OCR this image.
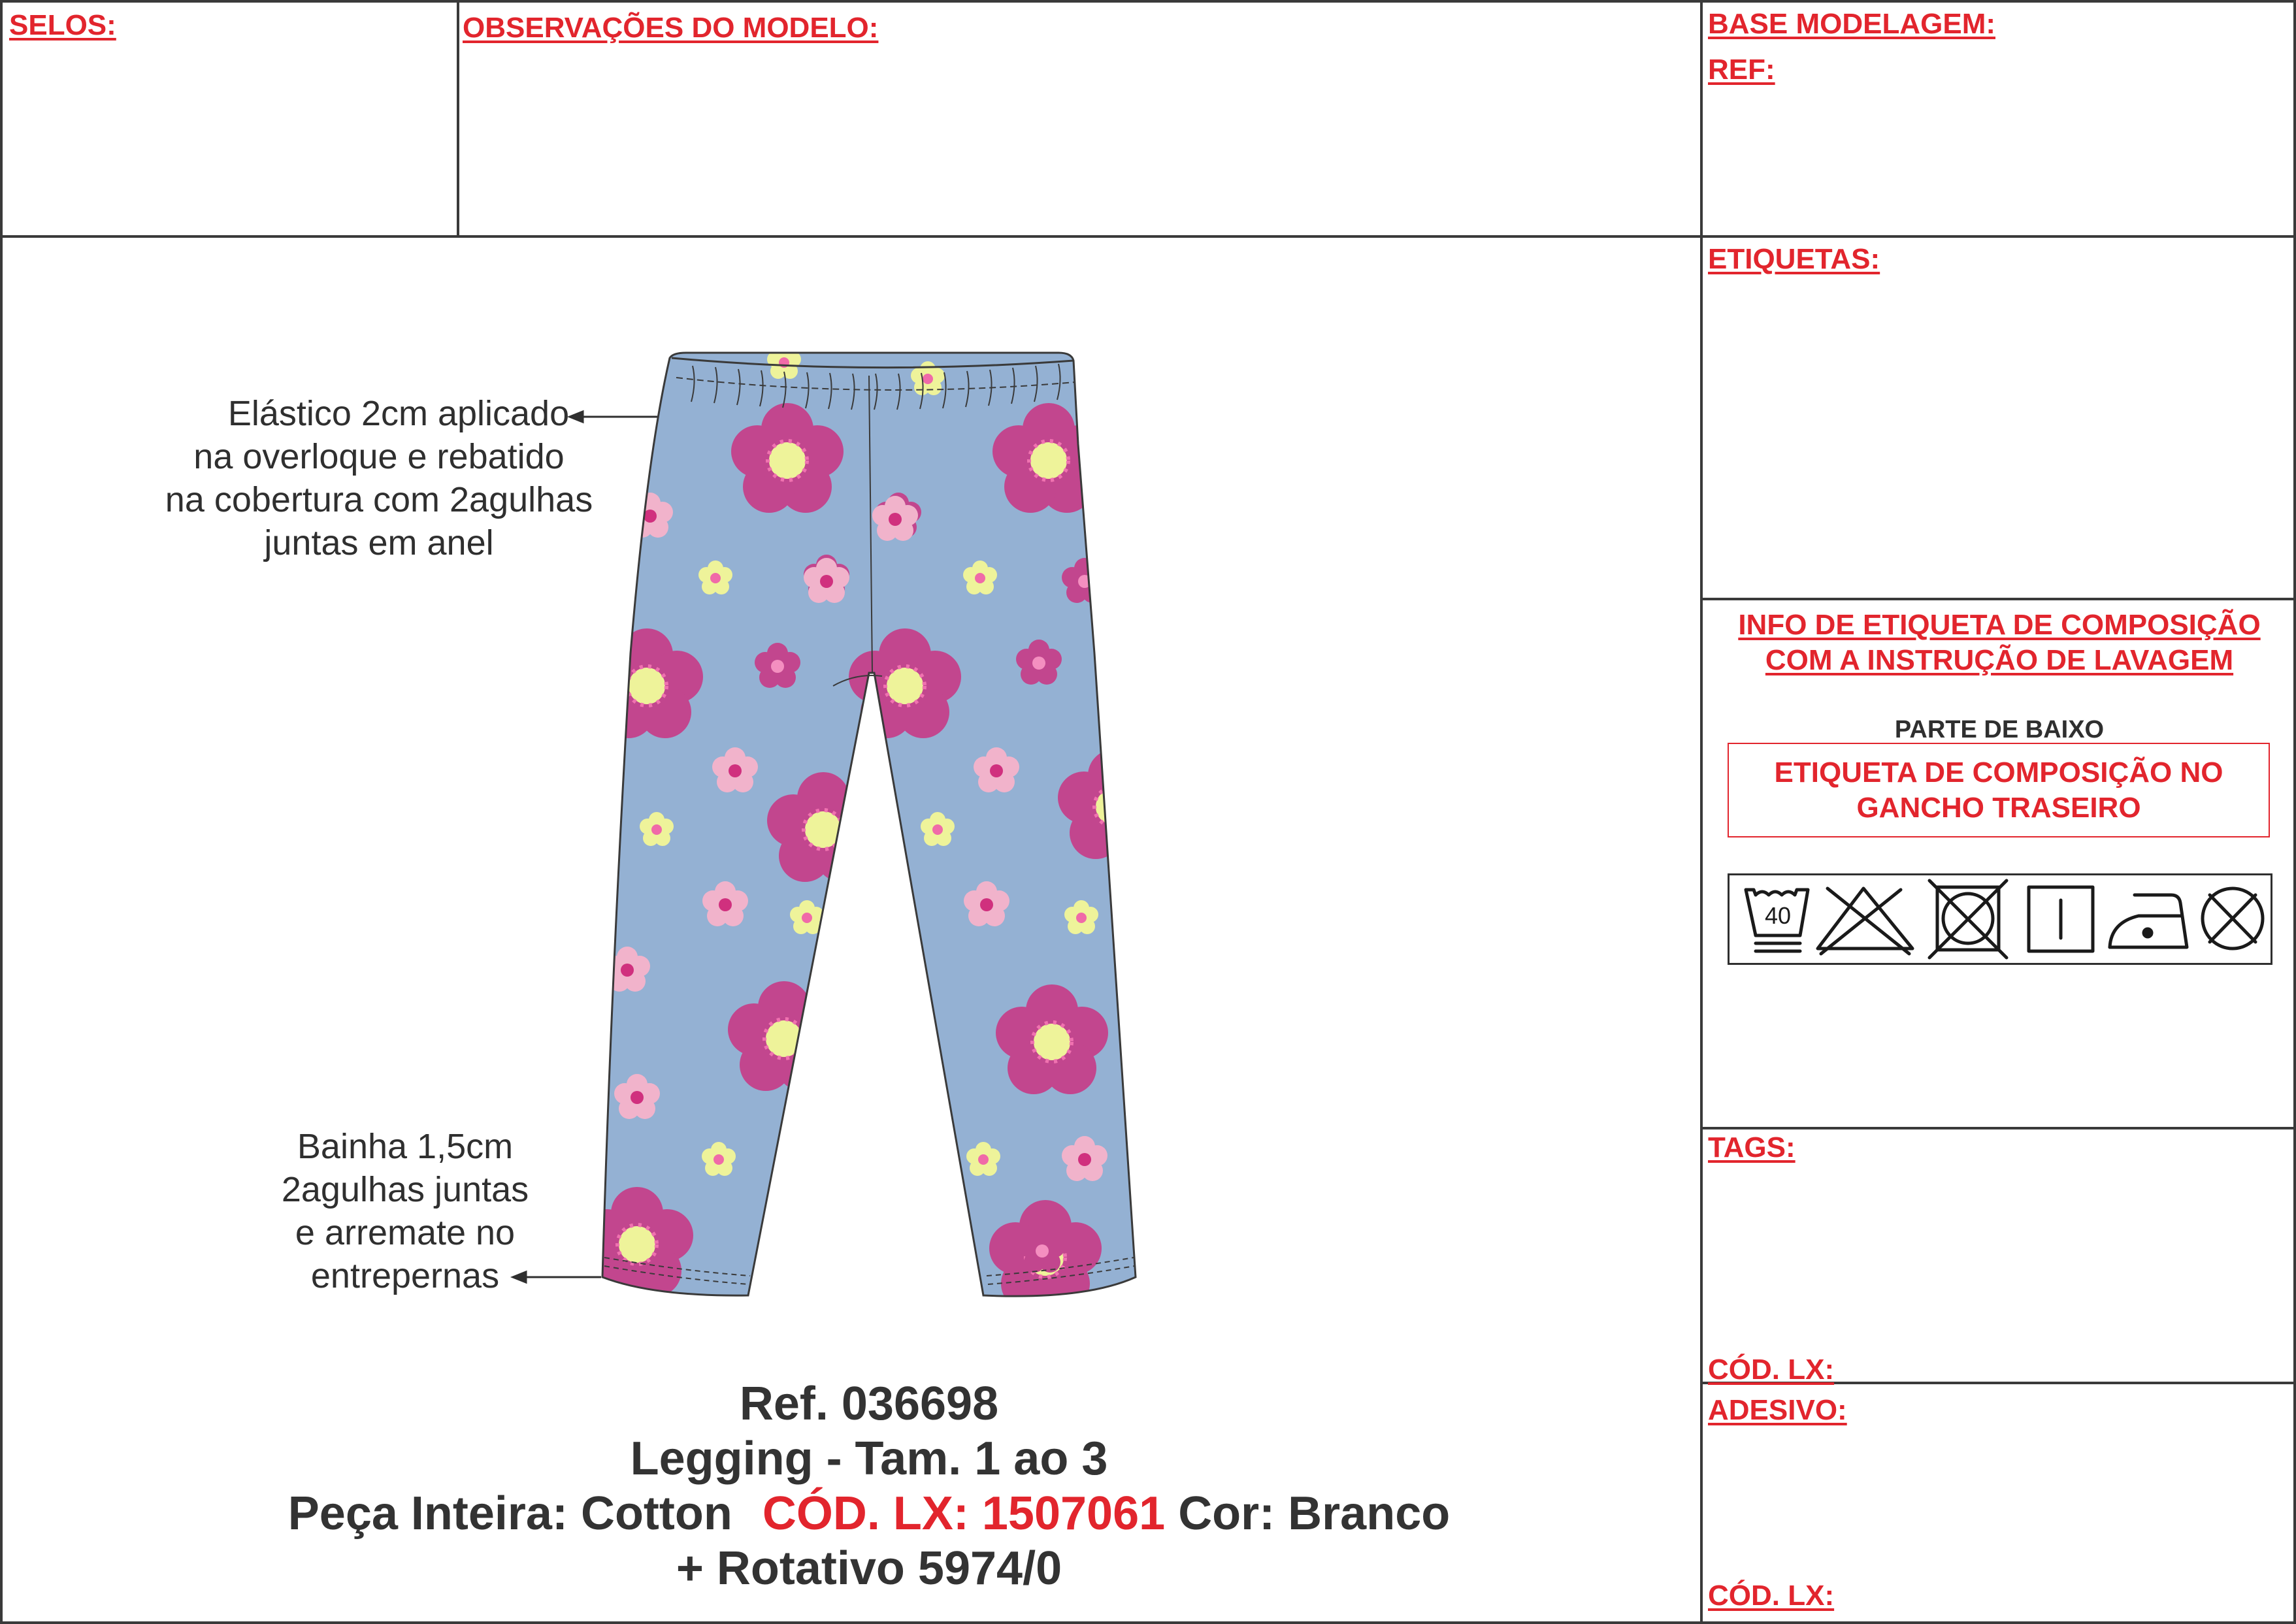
SELOS:	OBSERVAÇÕES DO MODELO:	BASE MODELAGEM:
REF:
ETIQUETAS:
INFO DE ETIQUETA DE COMPOSIÇÃO
COM A INSTRUÇÃO DE LAVAGEM
PARTE DE BAIXO
ETIQUETA DE COMPOSIÇÃO NO
GANCHO TRASEIRO
40
TAGS:
CÓD. LX:
ADESIVO:
CÓD. LX:
Elástico 2cm aplicado
na overloque e rebatido
na cobertura com 2agulhas
juntas em anel
Bainha 1,5cm
2agulhas juntas
e arremate no
entrepernas
Ref. 036698
Legging - Tam. 1 ao 3
Peça Inteira: Cotton CÓD. LX: 1507061 Cor: Branco
+ Rotativo 5974/0
